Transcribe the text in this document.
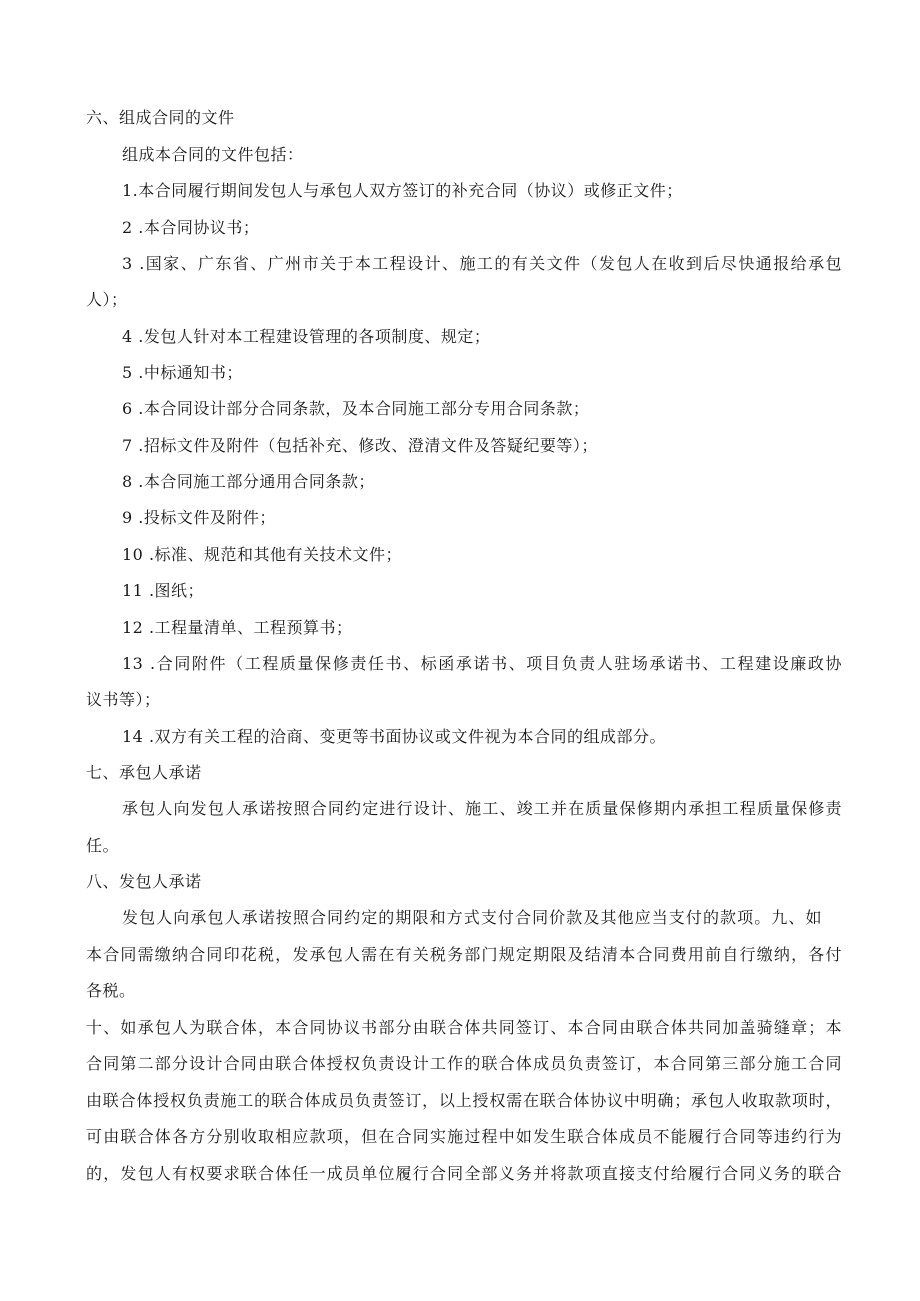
六、组成合同的文件
组成本合同的文件包括：
1.本合同履行期间发包人与承包人双方签订的补充合同（协议）或修正文件；
2 .本合同协议书；
3 .国家、广东省、广州市关于本工程设计、施工的有关文件（发包人在收到后尽快通报给承包
人）；
4 .发包人针对本工程建设管理的各项制度、规定；
5 .中标通知书；
6 .本合同设计部分合同条款，及本合同施工部分专用合同条款；
7 .招标文件及附件（包括补充、修改、澄清文件及答疑纪要等）；
8 .本合同施工部分通用合同条款；
9 .投标文件及附件；
10 .标准、规范和其他有关技术文件；
11 .图纸；
12 .工程量清单、工程预算书；
13 .合同附件（工程质量保修责任书、标函承诺书、项目负责人驻场承诺书、工程建设廉政协
议书等）；
14 .双方有关工程的洽商、变更等书面协议或文件视为本合同的组成部分。
七、承包人承诺
承包人向发包人承诺按照合同约定进行设计、施工、竣工并在质量保修期内承担工程质量保修责
任。
八、发包人承诺
发包人向承包人承诺按照合同约定的期限和方式支付合同价款及其他应当支付的款项。九、如
本合同需缴纳合同印花税，发承包人需在有关税务部门规定期限及结清本合同费用前自行缴纳，各付
各税。
十、如承包人为联合体，本合同协议书部分由联合体共同签订、本合同由联合体共同加盖骑缝章；本
合同第二部分设计合同由联合体授权负责设计工作的联合体成员负责签订，本合同第三部分施工合同
由联合体授权负责施工的联合体成员负责签订，以上授权需在联合体协议中明确；承包人收取款项时，
可由联合体各方分别收取相应款项，但在合同实施过程中如发生联合体成员不能履行合同等违约行为
的，发包人有权要求联合体任一成员单位履行合同全部义务并将款项直接支付给履行合同义务的联合
